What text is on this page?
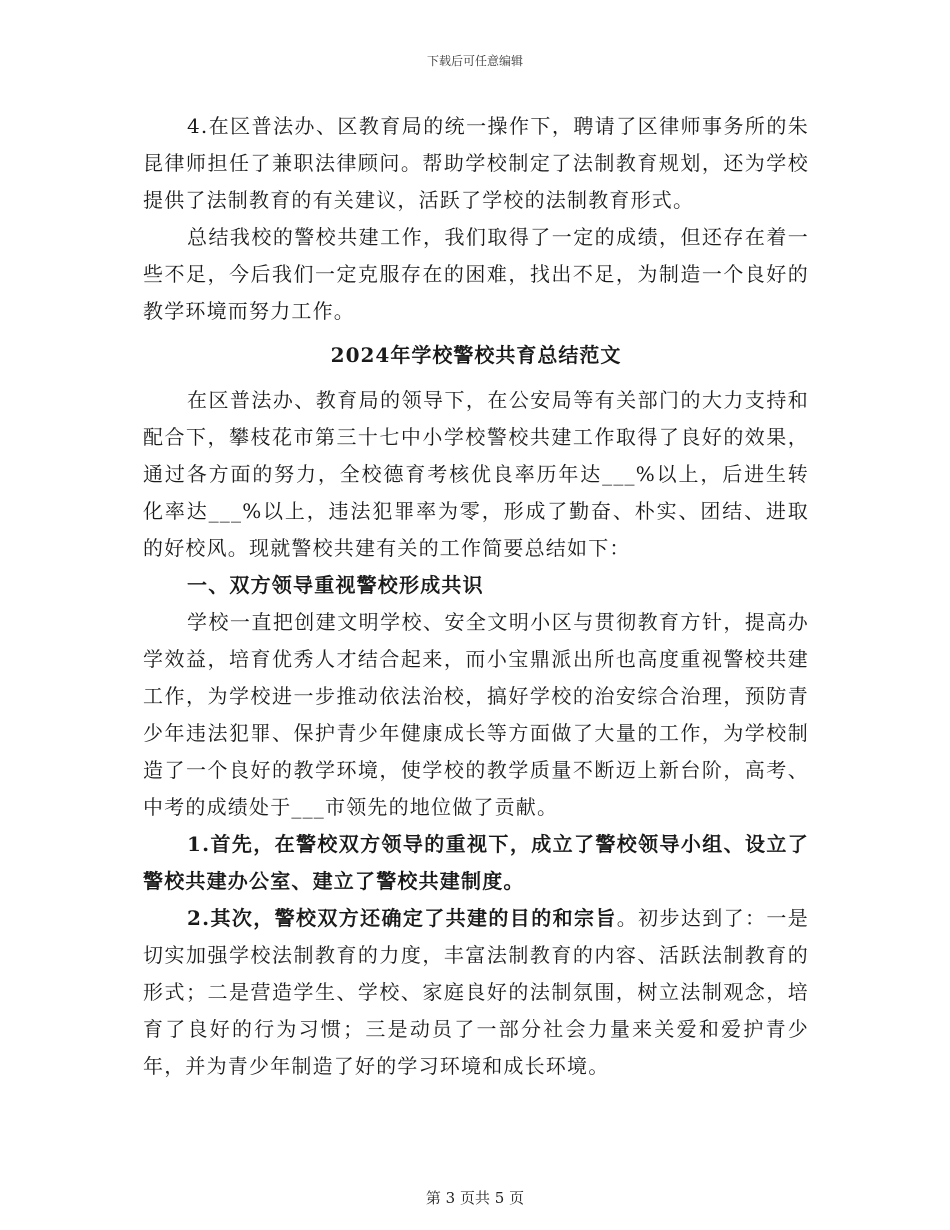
下载后可任意编辑

4.在区普法办、区教育局的统一操作下，聘请了区律师事务所的朱昆律师担任了兼职法律顾问。帮助学校制定了法制教育规划，还为学校提供了法制教育的有关建议，活跃了学校的法制教育形式。

总结我校的警校共建工作，我们取得了一定的成绩，但还存在着一些不足，今后我们一定克服存在的困难，找出不足，为制造一个良好的教学环境而努力工作。

2024年学校警校共育总结范文

在区普法办、教育局的领导下，在公安局等有关部门的大力支持和配合下，攀枝花市第三十七中小学校警校共建工作取得了良好的效果，通过各方面的努力，全校德育考核优良率历年达___%以上，后进生转化率达___%以上，违法犯罪率为零，形成了勤奋、朴实、团结、进取的好校风。现就警校共建有关的工作简要总结如下：

一、双方领导重视警校形成共识

学校一直把创建文明学校、安全文明小区与贯彻教育方针，提高办学效益，培育优秀人才结合起来，而小宝鼎派出所也高度重视警校共建工作，为学校进一步推动依法治校，搞好学校的治安综合治理，预防青少年违法犯罪、保护青少年健康成长等方面做了大量的工作，为学校制造了一个良好的教学环境，使学校的教学质量不断迈上新台阶，高考、中考的成绩处于___市领先的地位做了贡献。

1.首先，在警校双方领导的重视下，成立了警校领导小组、设立了警校共建办公室、建立了警校共建制度。

2.其次，警校双方还确定了共建的目的和宗旨。初步达到了：一是切实加强学校法制教育的力度，丰富法制教育的内容、活跃法制教育的形式；二是营造学生、学校、家庭良好的法制氛围，树立法制观念，培育了良好的行为习惯；三是动员了一部分社会力量来关爱和爱护青少年，并为青少年制造了好的学习环境和成长环境。

第 3 页共 5 页
